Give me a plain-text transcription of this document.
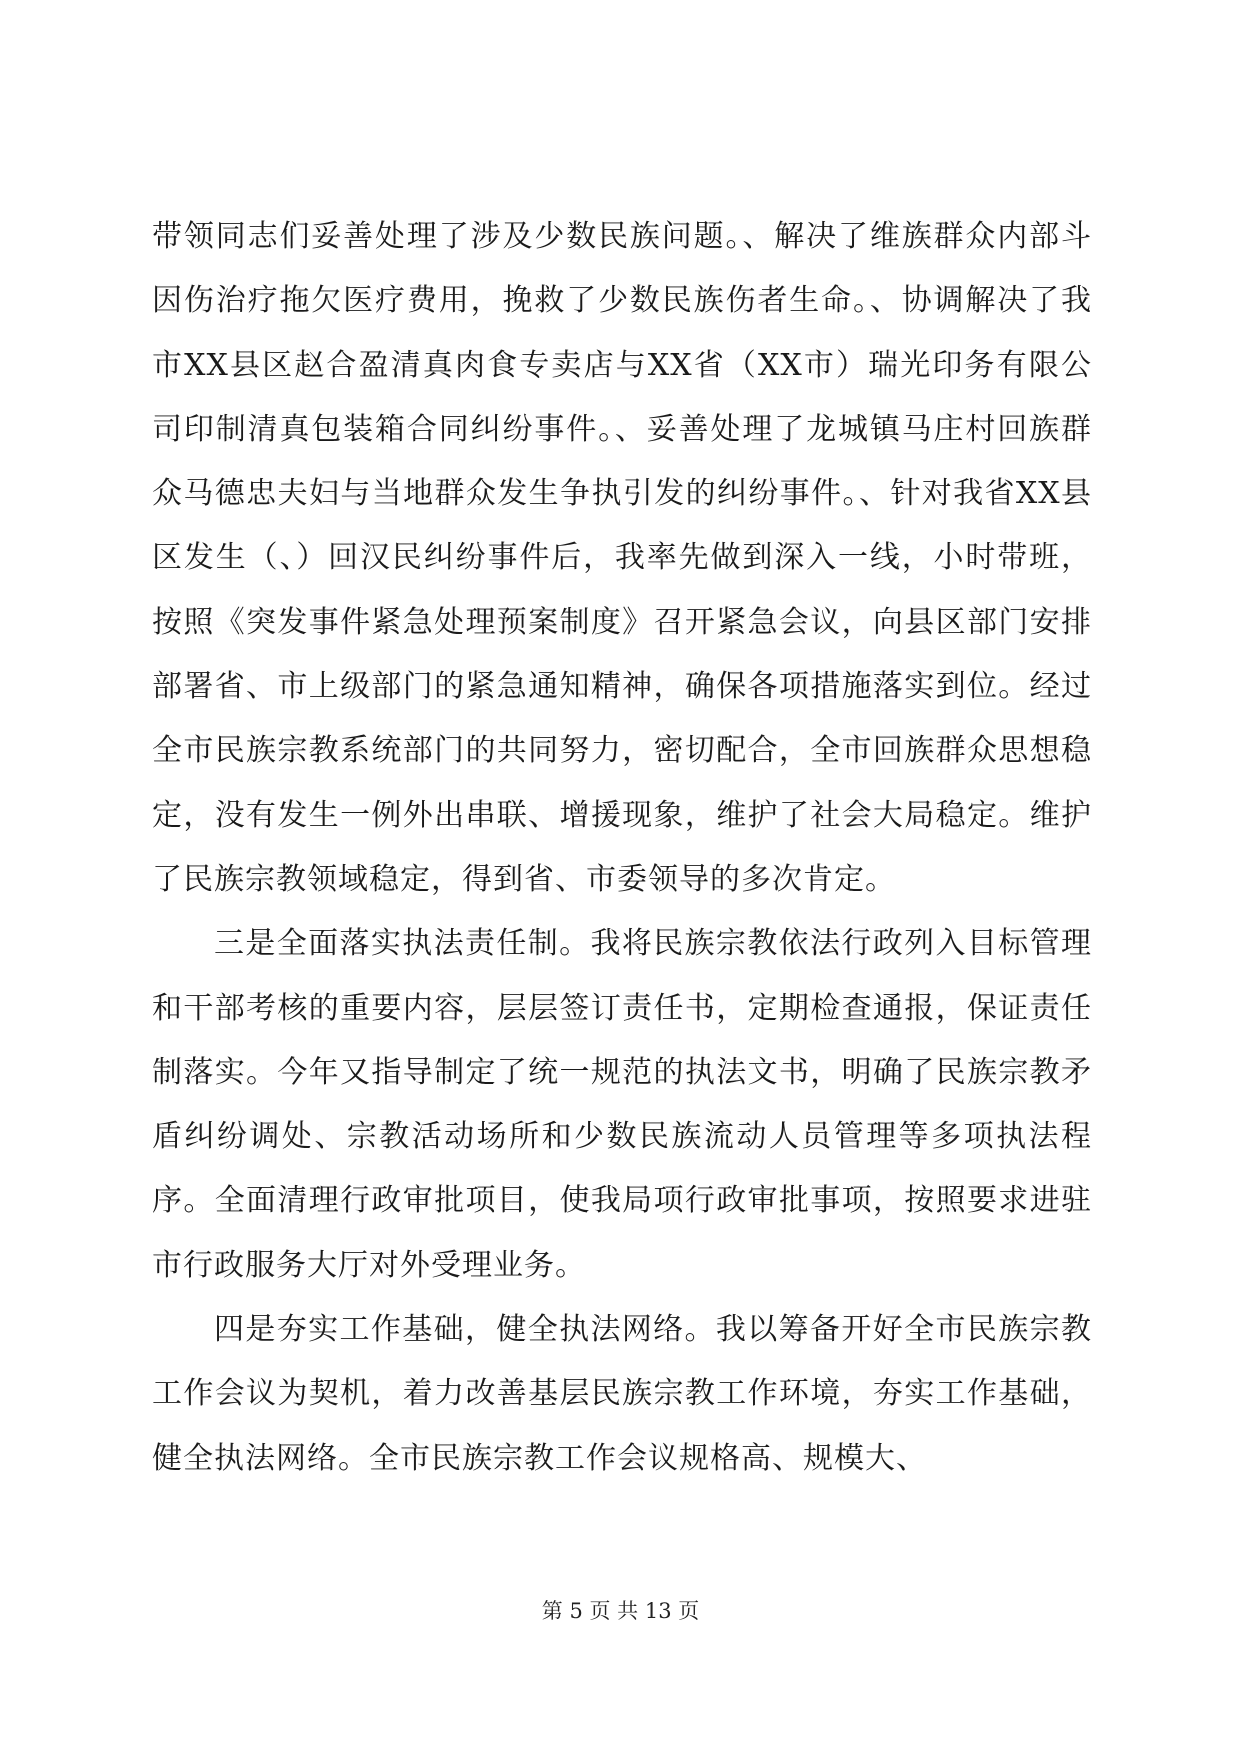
带领同志们妥善处理了涉及少数民族问题。、解决了维族群众内部斗因伤治疗拖欠医疗费用，挽救了少数民族伤者生命。、协调解决了我市XX县区赵合盈清真肉食专卖店与XX省（XX市）瑞光印务有限公司印制清真包装箱合同纠纷事件。、妥善处理了龙城镇马庄村回族群众马德忠夫妇与当地群众发生争执引发的纠纷事件。、针对我省XX县区发生（、）回汉民纠纷事件后，我率先做到深入一线，小时带班，按照《突发事件紧急处理预案制度》召开紧急会议，向县区部门安排部署省、市上级部门的紧急通知精神，确保各项措施落实到位。经过全市民族宗教系统部门的共同努力，密切配合，全市回族群众思想稳定，没有发生一例外出串联、增援现象，维护了社会大局稳定。维护了民族宗教领域稳定，得到省、市委领导的多次肯定。

三是全面落实执法责任制。我将民族宗教依法行政列入目标管理和干部考核的重要内容，层层签订责任书，定期检查通报，保证责任制落实。今年又指导制定了统一规范的执法文书，明确了民族宗教矛盾纠纷调处、宗教活动场所和少数民族流动人员管理等多项执法程序。全面清理行政审批项目，使我局项行政审批事项，按照要求进驻市行政服务大厅对外受理业务。

四是夯实工作基础，健全执法网络。我以筹备开好全市民族宗教工作会议为契机，着力改善基层民族宗教工作环境，夯实工作基础，健全执法网络。全市民族宗教工作会议规格高、规模大、

第 5 页 共 13 页
